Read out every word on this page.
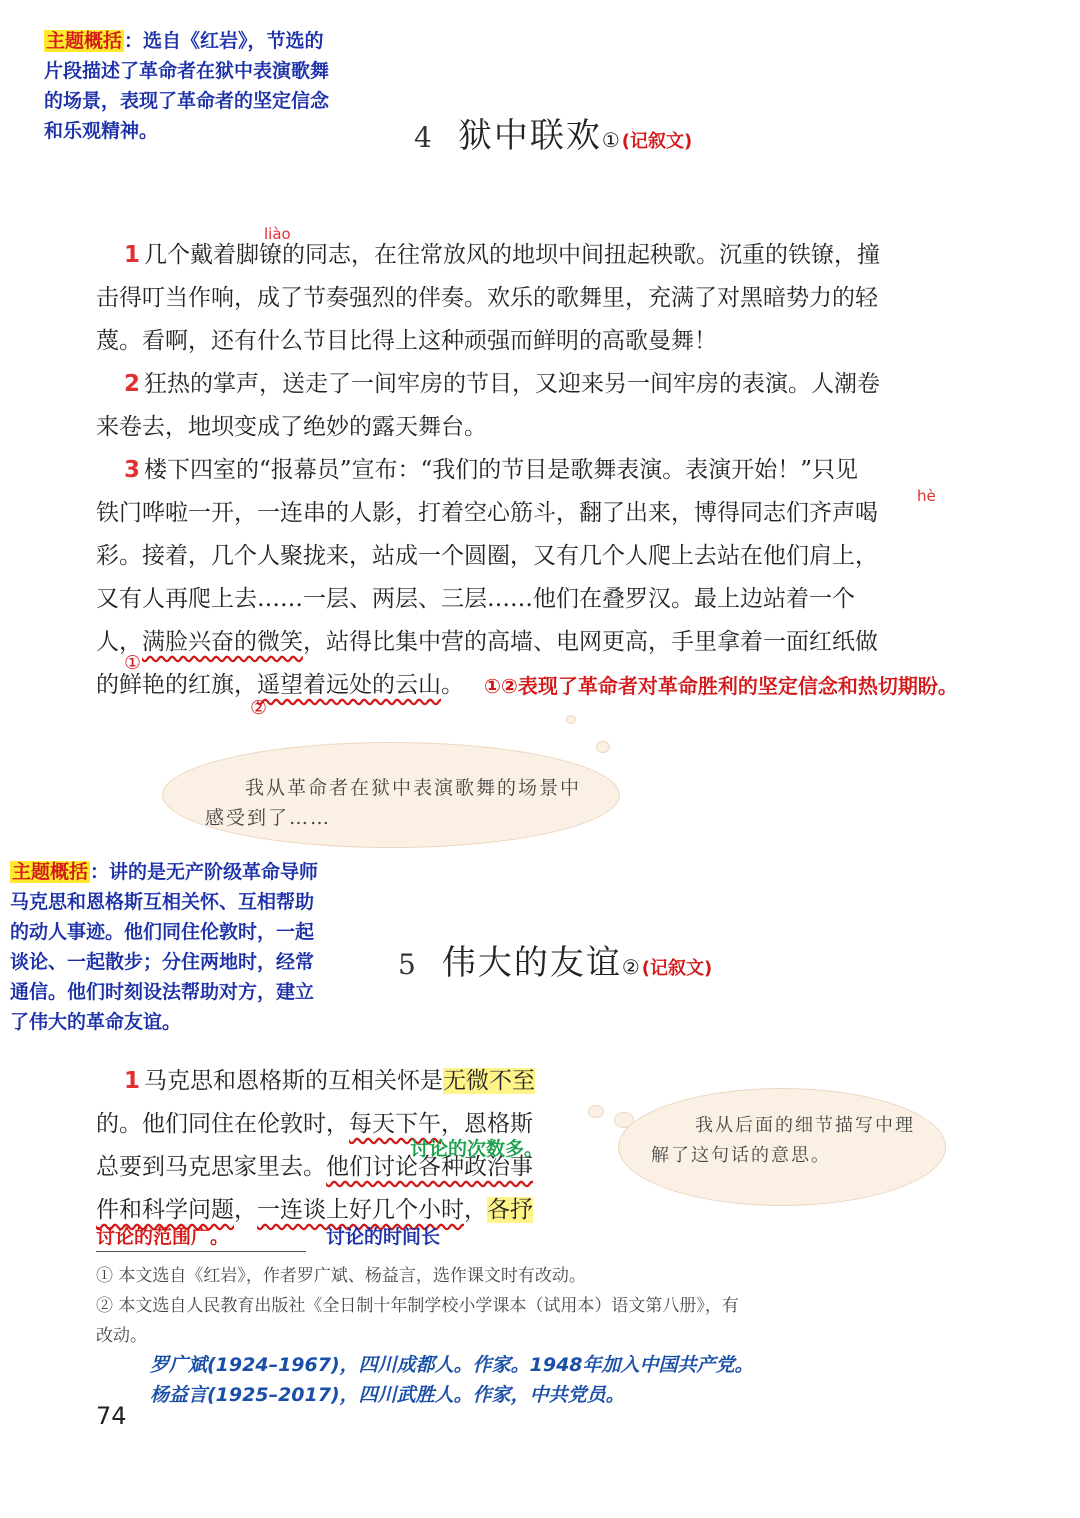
主题概括 ：选自《红岩》，节选的
片段描述了革命者在狱中表演歌舞
的场景，表现了革命者的坚定信念
和乐观精神。	4 狱中联欢 ① (记叙文)
liào
hè
1 几个戴着脚镣的同志，在往常放风的地坝中间扭起秧歌。沉重的铁镣，撞
击得叮当作响，成了节奏强烈的伴奏。欢乐的歌舞里，充满了对黑暗势力的轻
蔑。看啊，还有什么节目比得上这种顽强而鲜明的高歌曼舞！
2 狂热的掌声，送走了一间牢房的节目，又迎来另一间牢房的表演。人潮卷
来卷去，地坝变成了绝妙的露天舞台。
3 楼下四室的“报幕员”宣布：“我们的节目是歌舞表演。表演开始！”只见
铁门哗啦一开，一连串的人影，打着空心筋斗，翻了出来，博得同志们齐声喝
彩。接着，几个人聚拢来，站成一个圆圈，又有几个人爬上去站在他们肩上，
又有人再爬上去……一层、两层、三层……他们在叠罗汉。最上边站着一个
人，满脸兴奋的微笑，站得比集中营的高墙、电网更高，手里拿着一面红纸做
的鲜艳的红旗，遥望着远处的云山。
①
②
①②表现了革命者对革命胜利的坚定信念和热切期盼。
我从革命者在狱中表演歌舞的场景中感受到了……
主题概括 ：讲的是无产阶级革命导师
马克思和恩格斯互相关怀、互相帮助
的动人事迹。他们同住伦敦时，一起
谈论、一起散步；分住两地时，经常
通信。他们时刻设法帮助对方，建立
了伟大的革命友谊。
5 伟大的友谊 ② (记叙文)
1 马克思和恩格斯的互相关怀是无微不至
的。他们同住在伦敦时，每天下午，恩格斯
总要到马克思家里去。他们讨论各种政治事
件和科学问题，一连谈上好几个小时，各抒
讨论的次数多。
讨论的范围广。	讨论的时间长
我从后面的细节描写中理解了这句话的意思。
① 本文选自《红岩》，作者罗广斌、杨益言，选作课文时有改动。
② 本文选自人民教育出版社《全日制十年制学校小学课本（试用本）语文第八册》，有
改动。
罗广斌(1924–1967)，四川成都人。作家。1948年加入中国共产党。
杨益言(1925–2017)，四川武胜人。作家，中共党员。
74
